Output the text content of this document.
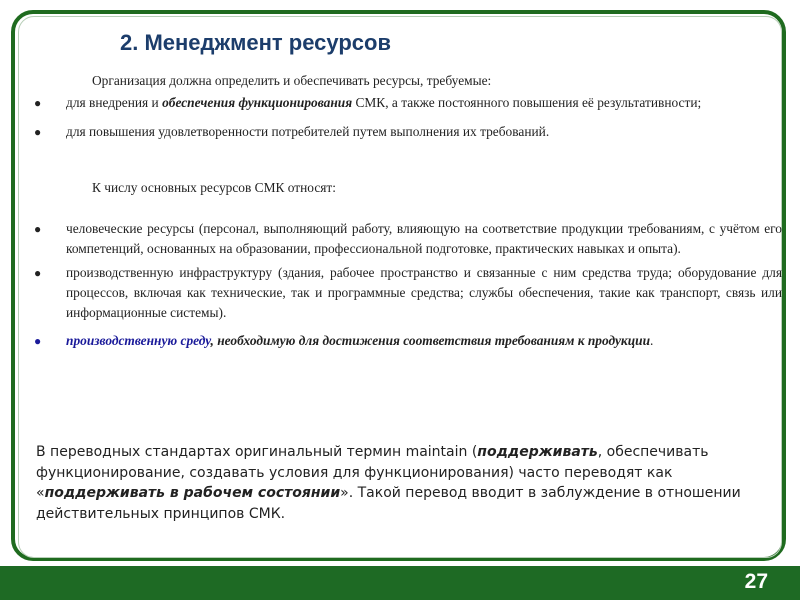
2. Менеджмент ресурсов
Организация должна определить и обеспечивать ресурсы, требуемые:
●	для внедрения и обеспечения функционирования СМК, а также постоянного повышения её результативности;
●	для повышения удовлетворенности потребителей путем выполнения их требований.
К числу основных ресурсов СМК относят:
●	человеческие ресурсы (персонал, выполняющий работу, влияющую на соответствие продукции требованиям, с учётом его компетенций, основанных на образовании, профессиональной подготовке, практических навыках и опыта).
●	производственную инфраструктуру (здания, рабочее пространство и связанные с ним средства труда; оборудование для процессов, включая как технические, так и программные средства; службы обеспечения, такие как транспорт, связь или информационные системы).
●	производственную среду, необходимую для достижения соответствия требованиям к продукции.
В переводных стандартах оригинальный термин maintain (поддерживать, обеспечивать функционирование, создавать условия для функционирования) часто переводят как «поддерживать в рабочем состоянии». Такой перевод вводит в заблуждение в отношении действительных принципов СМК.
27
